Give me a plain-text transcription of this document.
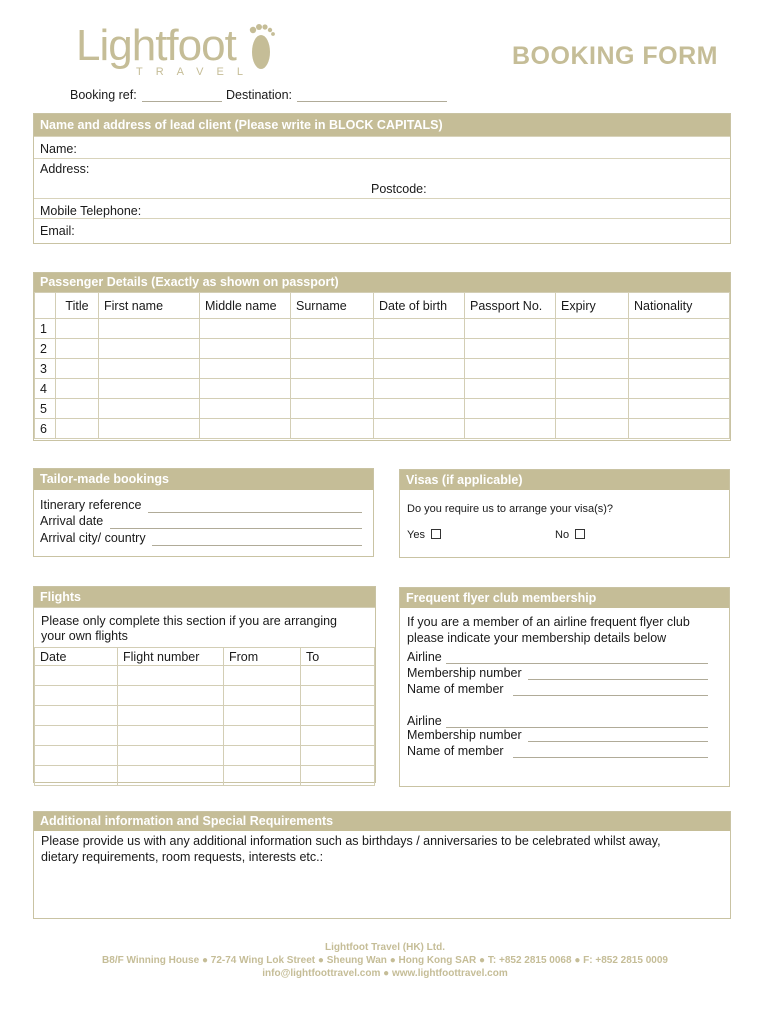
Lightfoot
TRAVEL
BOOKING FORM
Booking ref:	Destination:
Name and address of lead client (Please write in BLOCK CAPITALS)
Name:
Address:
Postcode:
Mobile Telephone:
Email:
Passenger Details (Exactly as shown on passport)
	Title	First name	Middle name	Surname	Date of birth	Passport No.	Expiry	Nationality
1								
2								
3								
4								
5								
6								
Tailor-made bookings
Itinerary reference
Arrival date
Arrival city/ country
Visas (if applicable)
Do you require us to arrange your visa(s)?
Yes	No
Flights
Please only complete this section if you are arranging
your own flights
Date	Flight number	From	To

Frequent flyer club membership
If you are a member of an airline frequent flyer club
please indicate your membership details below
Airline
Membership number
Name of member
Airline
Membership number
Name of member
Additional information and Special Requirements
Please provide us with any additional information such as birthdays / anniversaries to be celebrated whilst away,
dietary requirements, room requests, interests etc.:
Lightfoot Travel (HK) Ltd.
B8/F Winning House ● 72-74 Wing Lok Street ● Sheung Wan ● Hong Kong SAR ● T: +852 2815 0068 ● F: +852 2815 0009
info@lightfoottravel.com ● www.lightfoottravel.com
